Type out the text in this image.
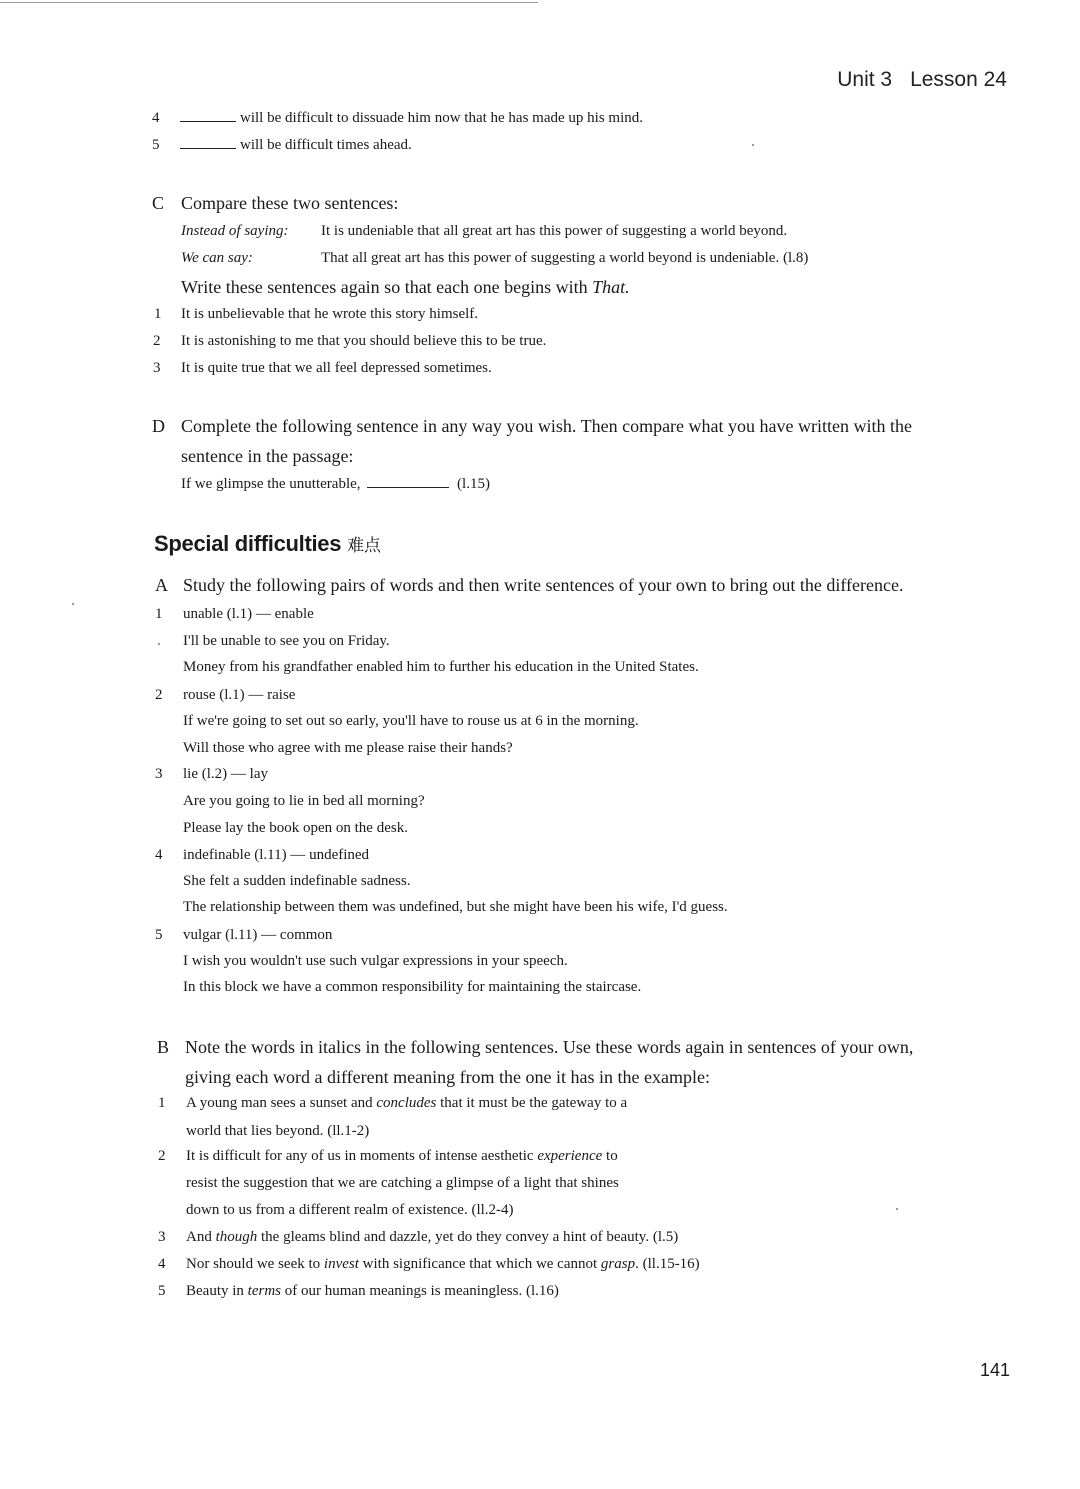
Unit 3 Lesson 24
4	will be difficult to dissuade him now that he has made up his mind.
5	will be difficult times ahead.
C Compare these two sentences:
Instead of saying: It is undeniable that all great art has this power of suggesting a world beyond.
We can say:	That all great art has this power of suggesting a world beyond is undeniable. (l.8)
Write these sentences again so that each one begins with That.
1	It is unbelievable that he wrote this story himself.
2	It is astonishing to me that you should believe this to be true.
3	It is quite true that we all feel depressed sometimes.
D Complete the following sentence in any way you wish. Then compare what you have written with the
sentence in the passage:
If we glimpse the unutterable,	(l.15)
Special difficulties 难点
A Study the following pairs of words and then write sentences of your own to bring out the difference.
1	unable (l.1) — enable
I'll be unable to see you on Friday.
Money from his grandfather enabled him to further his education in the United States.
2	rouse (l.1) — raise
If we're going to set out so early, you'll have to rouse us at 6 in the morning.
Will those who agree with me please raise their hands?
3	lie (l.2) — lay
Are you going to lie in bed all morning?
Please lay the book open on the desk.
4	indefinable (l.11) — undefined
She felt a sudden indefinable sadness.
The relationship between them was undefined, but she might have been his wife, I'd guess.
5	vulgar (l.11) — common
I wish you wouldn't use such vulgar expressions in your speech.
In this block we have a common responsibility for maintaining the staircase.
B Note the words in italics in the following sentences. Use these words again in sentences of your own,
giving each word a different meaning from the one it has in the example:
1	A young man sees a sunset and concludes that it must be the gateway to a
world that lies beyond. (ll.1-2)
2	It is difficult for any of us in moments of intense aesthetic experience to
resist the suggestion that we are catching a glimpse of a light that shines
down to us from a different realm of existence. (ll.2-4)
3	And though the gleams blind and dazzle, yet do they convey a hint of beauty. (l.5)
4	Nor should we seek to invest with significance that which we cannot grasp. (ll.15-16)
5	Beauty in terms of our human meanings is meaningless. (l.16)
141
